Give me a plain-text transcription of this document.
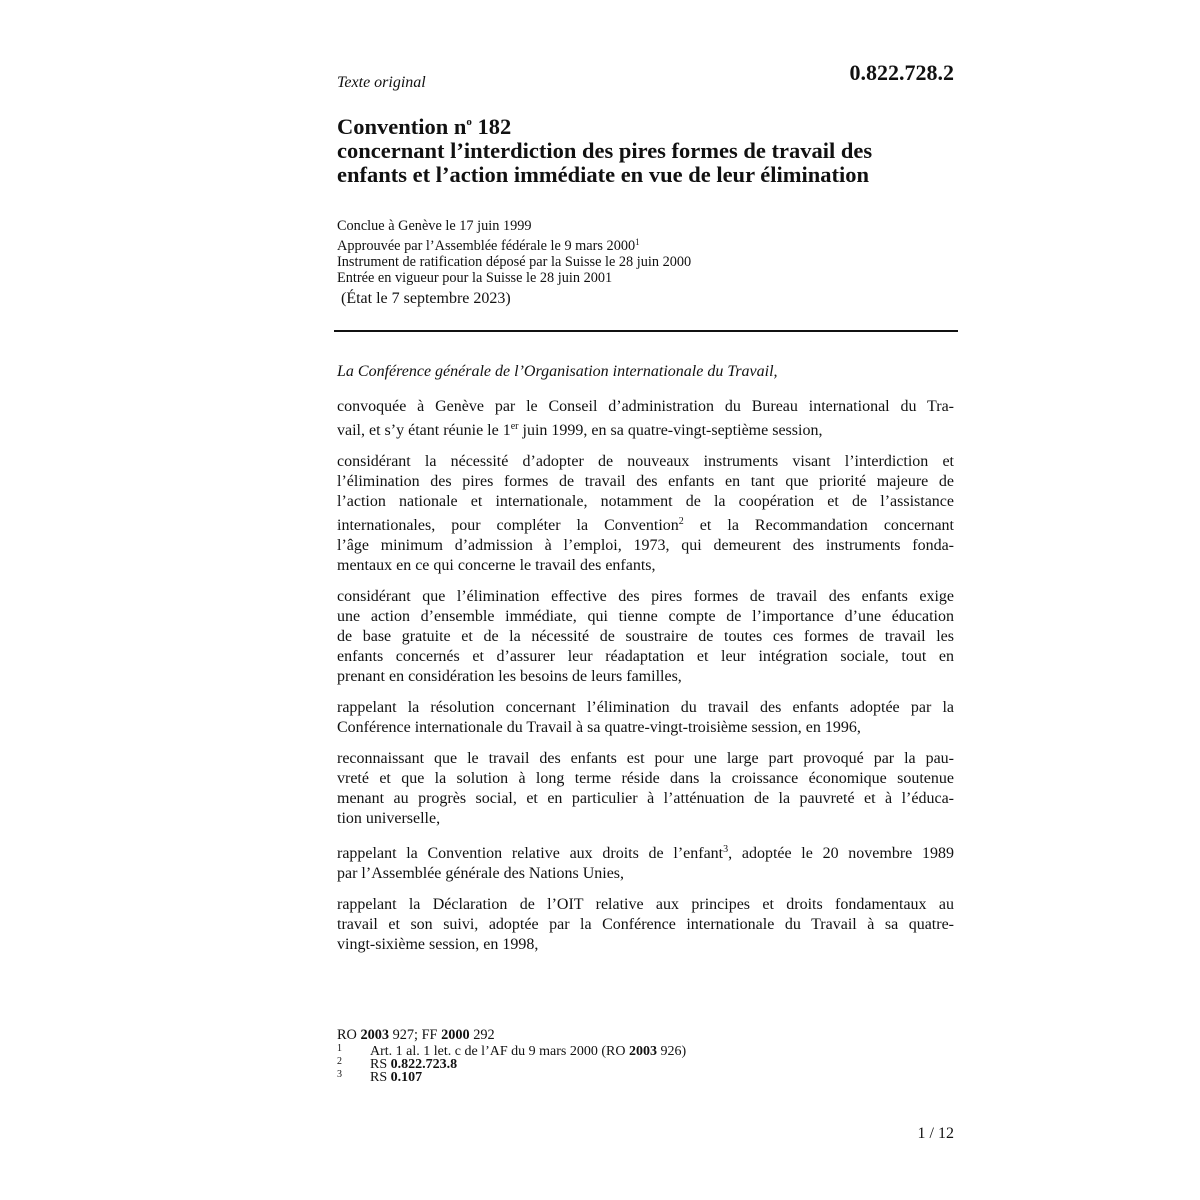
Texte original	0.822.728.2
Convention $n^o$ 182
concernant l’interdiction des pires formes de travail des
enfants et l’action immédiate en vue de leur élimination
Conclue à Genève le 17 juin 1999
Approuvée par l’Assemblée fédérale le 9 mars 2000$^1$
Instrument de ratification déposé par la Suisse le 28 juin 2000
Entrée en vigueur pour la Suisse le 28 juin 2001
(État le 7 septembre 2023)
La Conférence générale de l’Organisation internationale du Travail,
convoquée à Genève par le Conseil d’administration du Bureau international du Tra-
vail, et s’y étant réunie le 1er juin 1999, en sa quatre-vingt-septième session,
considérant la nécessité d’adopter de nouveaux instruments visant l’interdiction et
l’élimination des pires formes de travail des enfants en tant que priorité majeure de
l’action nationale et internationale, notamment de la coopération et de l’assistance
internationales, pour compléter la Convention$^2$ et la Recommandation concernant
l’âge minimum d’admission à l’emploi, 1973, qui demeurent des instruments fonda-
mentaux en ce qui concerne le travail des enfants,
considérant que l’élimination effective des pires formes de travail des enfants exige
une action d’ensemble immédiate, qui tienne compte de l’importance d’une éducation
de base gratuite et de la nécessité de soustraire de toutes ces formes de travail les
enfants concernés et d’assurer leur réadaptation et leur intégration sociale, tout en
prenant en considération les besoins de leurs familles,
rappelant la résolution concernant l’élimination du travail des enfants adoptée par la
Conférence internationale du Travail à sa quatre-vingt-troisième session, en 1996,
reconnaissant que le travail des enfants est pour une large part provoqué par la pau-
vreté et que la solution à long terme réside dans la croissance économique soutenue
menant au progrès social, et en particulier à l’atténuation de la pauvreté et à l’éduca-
tion universelle,
rappelant la Convention relative aux droits de l’enfant$^3$, adoptée le 20 novembre 1989
par l’Assemblée générale des Nations Unies,
rappelant la Déclaration de l’OIT relative aux principes et droits fondamentaux au
travail et son suivi, adoptée par la Conférence internationale du Travail à sa quatre-
vingt-sixième session, en 1998,
RO 2003 927; FF 2000 292
1 Art. 1 al. 1 let. c de l’AF du 9 mars 2000 (RO 2003 926)
2 RS 0.822.723.8
3 RS 0.107
1 / 12
